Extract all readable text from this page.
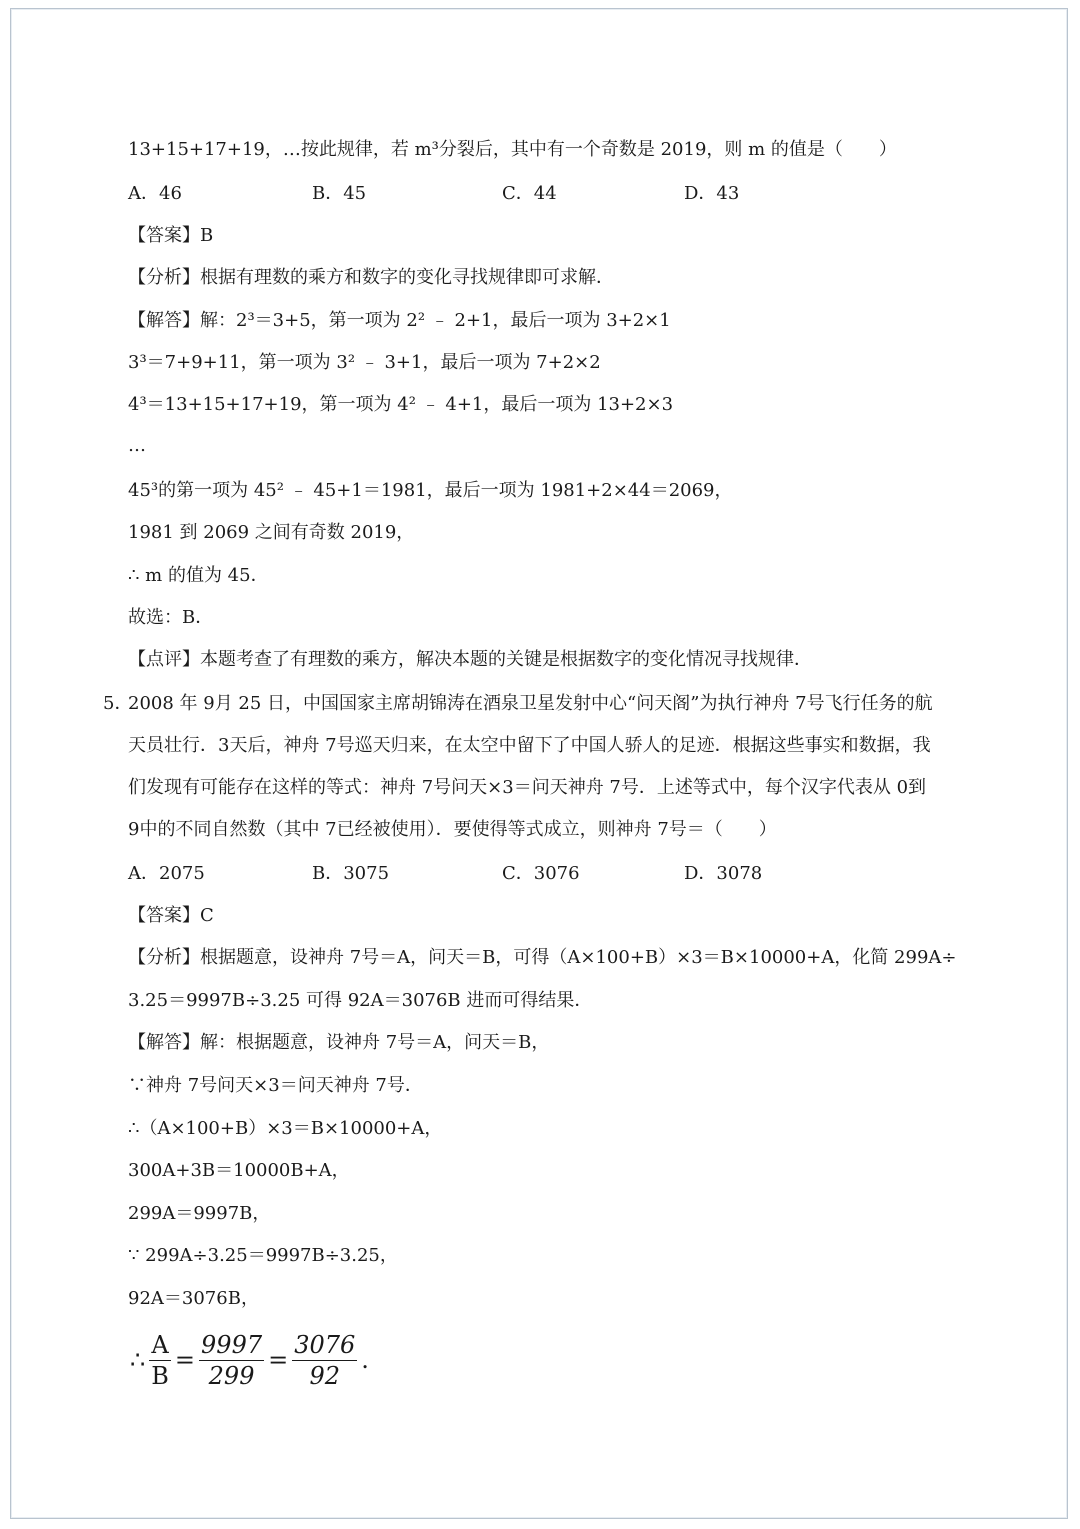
13+15+17+19，…按此规律，若 m³分裂后，其中有一个奇数是 2019，则 m 的值是（　　）
A．46	B．45	C．44	D．43
【答案】B
【分析】根据有理数的乘方和数字的变化寻找规律即可求解．
【解答】解：2³＝3+5，第一项为 2² ﹣ 2+1，最后一项为 3+2×1
3³＝7+9+11，第一项为 3² ﹣ 3+1，最后一项为 7+2×2
4³＝13+15+17+19，第一项为 4² ﹣ 4+1，最后一项为 13+2×3
…
45³的第一项为 45² ﹣ 45+1＝1981，最后一项为 1981+2×44＝2069，
1981 到 2069 之间有奇数 2019，
∴ m 的值为 45．
故选：B．
【点评】本题考查了有理数的乘方，解决本题的关键是根据数字的变化情况寻找规律．
5．
2008 年 9月 25 日，中国国家主席胡锦涛在酒泉卫星发射中心“问天阁”为执行神舟 7号飞行任务的航
天员壮行．3天后，神舟 7号巡天归来，在太空中留下了中国人骄人的足迹．根据这些事实和数据，我
们发现有可能存在这样的等式：神舟 7号问天×3＝问天神舟 7号．上述等式中，每个汉字代表从 0到
9中的不同自然数（其中 7已经被使用）．要使得等式成立，则神舟 7号＝（　　）
A．2075	B．3075	C．3076	D．3078
【答案】C
【分析】根据题意，设神舟 7号＝A，问天＝B，可得（A×100+B）×3＝B×10000+A，化简 299A÷
3.25＝9997B÷3.25 可得 92A＝3076B 进而可得结果．
【解答】解：根据题意，设神舟 7号＝A，问天＝B，
∵神舟 7号问天×3＝问天神舟 7号．
∴（A×100+B）×3＝B×10000+A，
300A+3B＝10000B+A，
299A＝9997B，
∵ 299A÷3.25＝9997B÷3.25，
92A＝3076B，
∴ $\frac{A}{B} = \frac{9997}{299} = \frac{3076}{92}$ .
